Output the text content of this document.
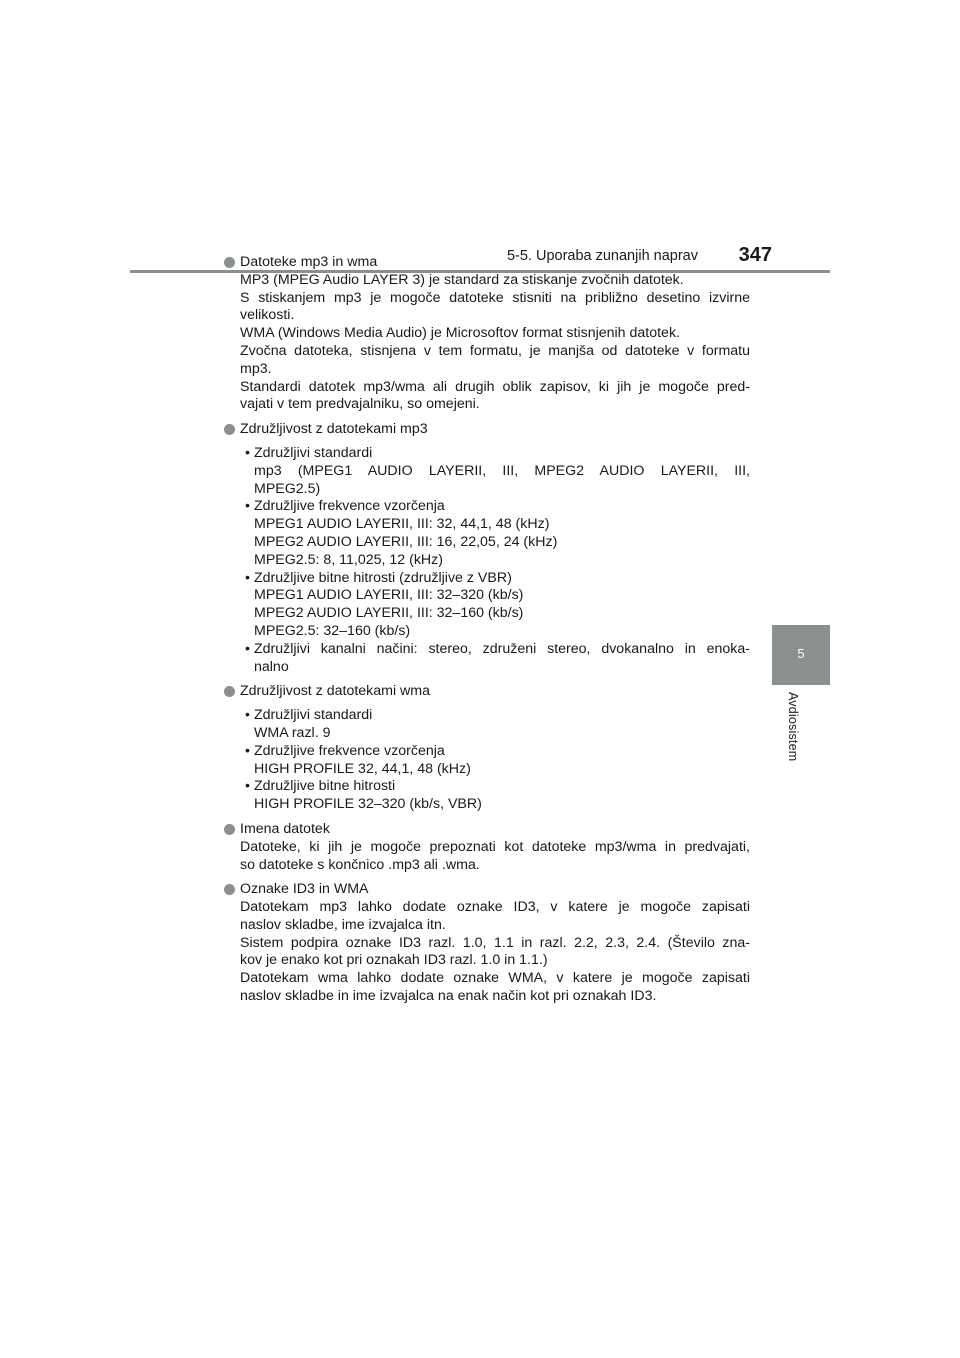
5-5. Uporaba zunanjih naprav 347
5
Avdiosistem
Datoteke mp3 in wma
MP3 (MPEG Audio LAYER 3) je standard za stiskanje zvočnih datotek.
S stiskanjem mp3 je mogoče datoteke stisniti na približno desetino izvirne
velikosti.
WMA (Windows Media Audio) je Microsoftov format stisnjenih datotek.
Zvočna datoteka, stisnjena v tem formatu, je manjša od datoteke v formatu
mp3.
Standardi datotek mp3/wma ali drugih oblik zapisov, ki jih je mogoče pred-
vajati v tem predvajalniku, so omejeni.
Združljivost z datotekami mp3
• Združljivi standardi
mp3 (MPEG1 AUDIO LAYERII, III, MPEG2 AUDIO LAYERII, III,
MPEG2.5)
• Združljive frekvence vzorčenja
MPEG1 AUDIO LAYERII, III: 32, 44,1, 48 (kHz)
MPEG2 AUDIO LAYERII, III: 16, 22,05, 24 (kHz)
MPEG2.5: 8, 11,025, 12 (kHz)
• Združljive bitne hitrosti (združljive z VBR)
MPEG1 AUDIO LAYERII, III: 32–320 (kb/s)
MPEG2 AUDIO LAYERII, III: 32–160 (kb/s)
MPEG2.5: 32–160 (kb/s)
• Združljivi kanalni načini: stereo, združeni stereo, dvokanalno in enoka-
nalno
Združljivost z datotekami wma
• Združljivi standardi
WMA razl. 9
• Združljive frekvence vzorčenja
HIGH PROFILE 32, 44,1, 48 (kHz)
• Združljive bitne hitrosti
HIGH PROFILE 32–320 (kb/s, VBR)
Imena datotek
Datoteke, ki jih je mogoče prepoznati kot datoteke mp3/wma in predvajati,
so datoteke s končnico .mp3 ali .wma.
Oznake ID3 in WMA
Datotekam mp3 lahko dodate oznake ID3, v katere je mogoče zapisati
naslov skladbe, ime izvajalca itn.
Sistem podpira oznake ID3 razl. 1.0, 1.1 in razl. 2.2, 2.3, 2.4. (Število zna-
kov je enako kot pri oznakah ID3 razl. 1.0 in 1.1.)
Datotekam wma lahko dodate oznake WMA, v katere je mogoče zapisati
naslov skladbe in ime izvajalca na enak način kot pri oznakah ID3.
